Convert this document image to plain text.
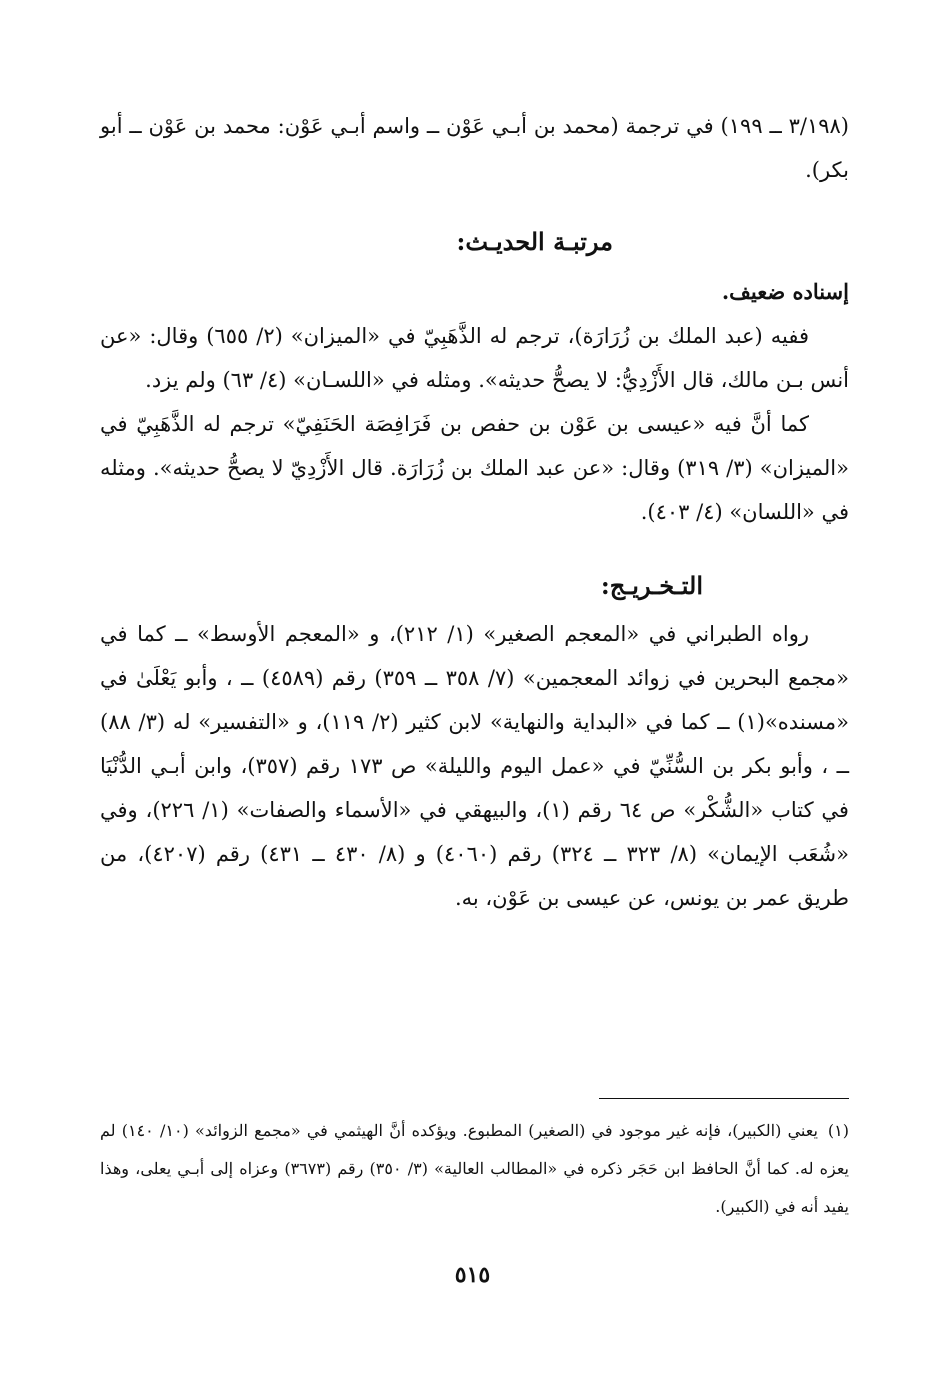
(٣/١٩٨ ــ ١٩٩) في ترجمة (محمد بن أبـي عَوْن ــ واسم أبـي عَوْن: محمد بن عَوْن ــ أبو بكر).

مرتبـة الحديـث:

إسناده ضعيف.

ففيه (عبد الملك بن زُرَارَة)، ترجم له الذَّهَبِيّ في «الميزان» (٢/ ٦٥٥) وقال: «عن أنس بـن مالك، قال الأَزْدِيُّ: لا يصحُّ حديثه». ومثله في «اللسـان» (٤/ ٦٣) ولم يزد.

كما أنَّ فيه «عيسى بن عَوْن بن حفص بن فَرَافِصَة الحَنَفِيّ» ترجم له الذَّهَبِيّ في «الميزان» (٣/ ٣١٩) وقال: «عن عبد الملك بن زُرَارَة. قال الأَزْدِيّ لا يصحُّ حديثه». ومثله في «اللسان» (٤/ ٤٠٣).

التـخـريـج:

رواه الطبراني في «المعجم الصغير» (١/ ٢١٢)، و «المعجم الأوسط» ــ كما في «مجمع البحرين في زوائد المعجمين» (٧/ ٣٥٨ ــ ٣٥٩) رقم (٤٥٨٩) ــ ، وأبو يَعْلَىٰ في «مسنده»(١) ــ كما في «البداية والنهاية» لابن كثير (٢/ ١١٩)، و «التفسير» له (٣/ ٨٨) ــ ، وأبو بكر بن السُّنِّيّ في «عمل اليوم والليلة» ص ١٧٣ رقم (٣٥٧)، وابن أبـي الدُّنْيَا في كتاب «الشُّكْر» ص ٦٤ رقم (١)، والبيهقي في «الأسماء والصفات» (١/ ٢٢٦)، وفي «شُعَب الإيمان» (٨/ ٣٢٣ ــ ٣٢٤) رقم (٤٠٦٠) و (٨/ ٤٣٠ ــ ٤٣١) رقم (٤٢٠٧)، من طريق عمر بن يونس، عن عيسى بن عَوْن، به.

(١)يعني (الكبير)، فإنه غير موجود في (الصغير) المطبوع. ويؤكده أنَّ الهيثمي في «مجمع الزوائد» (١٠/ ١٤٠) لم يعزه له. كما أنَّ الحافظ ابن حَجَر ذكره في «المطالب العالية» (٣/ ٣٥٠) رقم (٣٦٧٣) وعزاه إلى أبـي يعلى، وهذا يفيد أنه في (الكبير).

٥١٥
